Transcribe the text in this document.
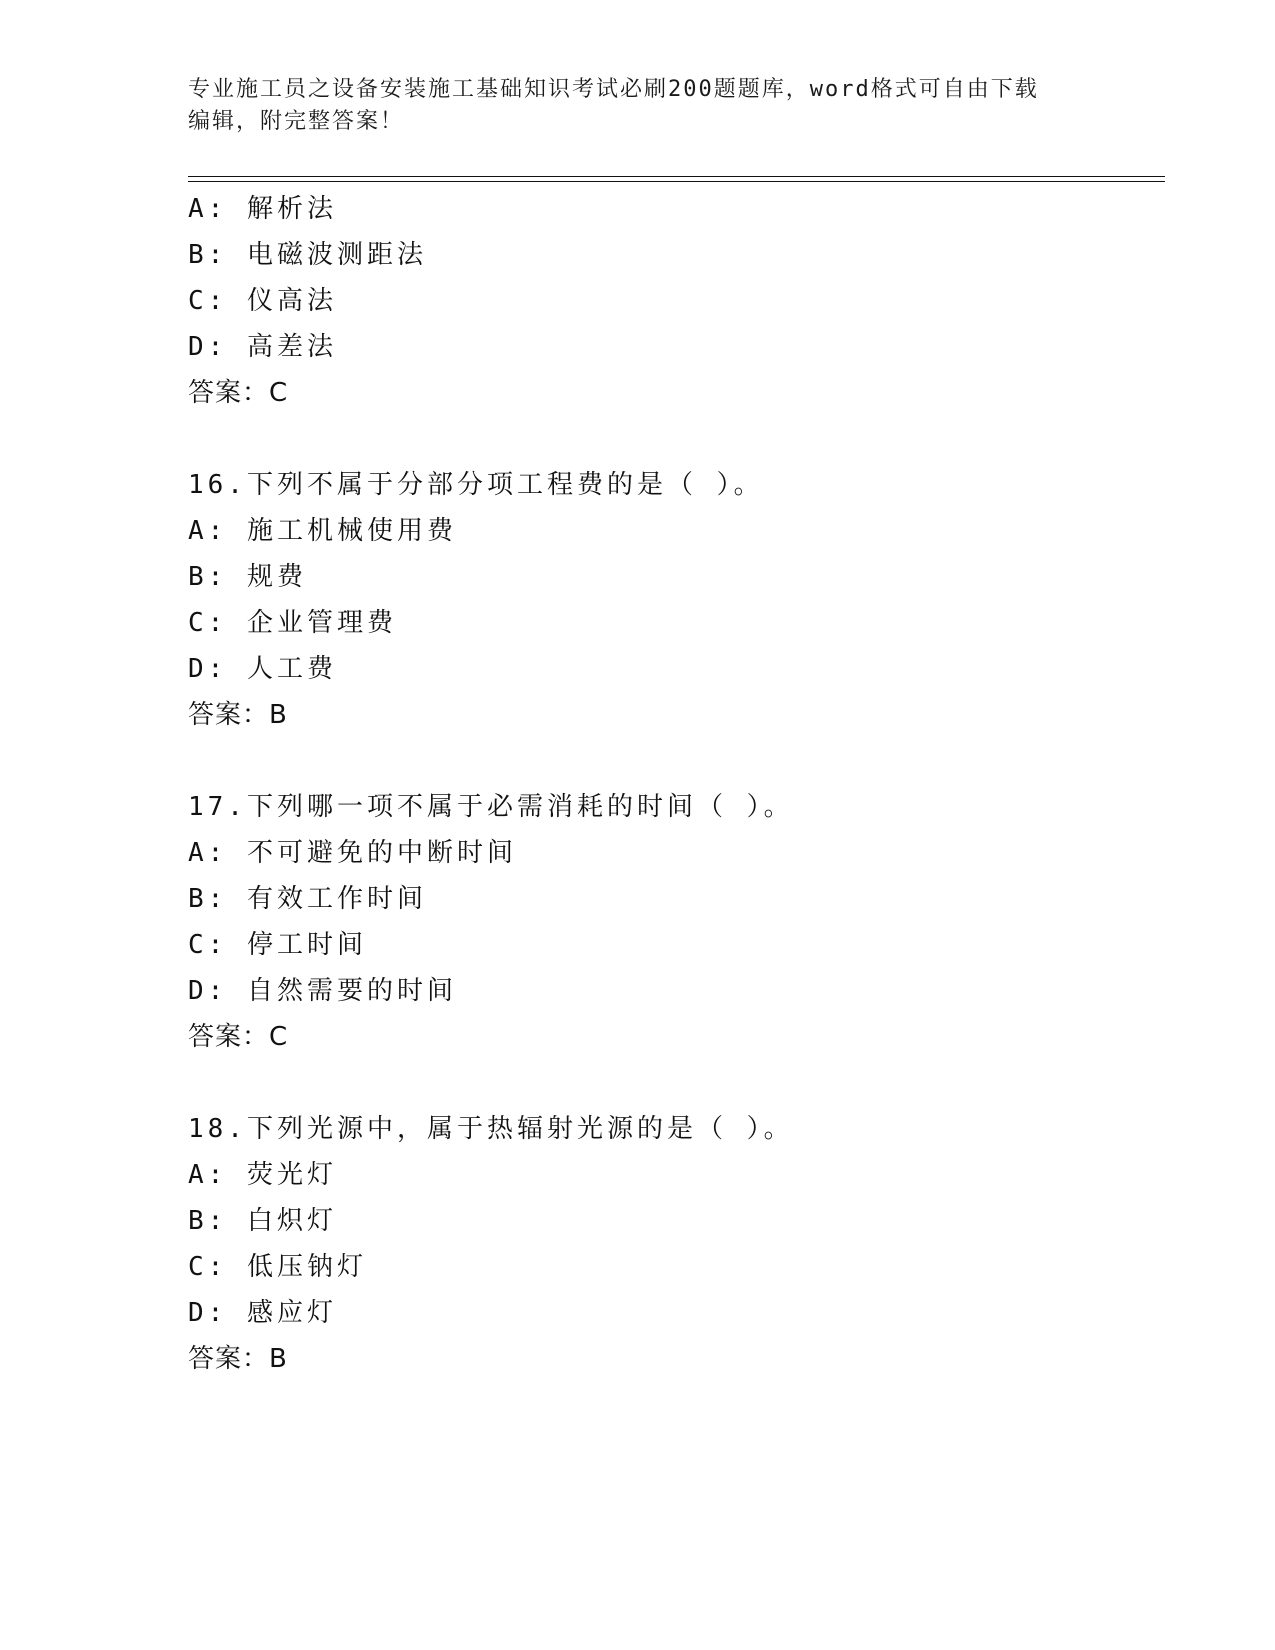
专业施工员之设备安装施工基础知识考试必刷200题题库，word格式可自由下载
编辑，附完整答案！
A: 解析法
B: 电磁波测距法
C: 仪高法
D: 高差法
答案：C
16.下列不属于分部分项工程费的是（ ）。
A: 施工机械使用费
B: 规费
C: 企业管理费
D: 人工费
答案：B
17.下列哪一项不属于必需消耗的时间（ ）。
A: 不可避免的中断时间
B: 有效工作时间
C: 停工时间
D: 自然需要的时间
答案：C
18.下列光源中，属于热辐射光源的是（ ）。
A: 荧光灯
B: 白炽灯
C: 低压钠灯
D: 感应灯
答案：B
